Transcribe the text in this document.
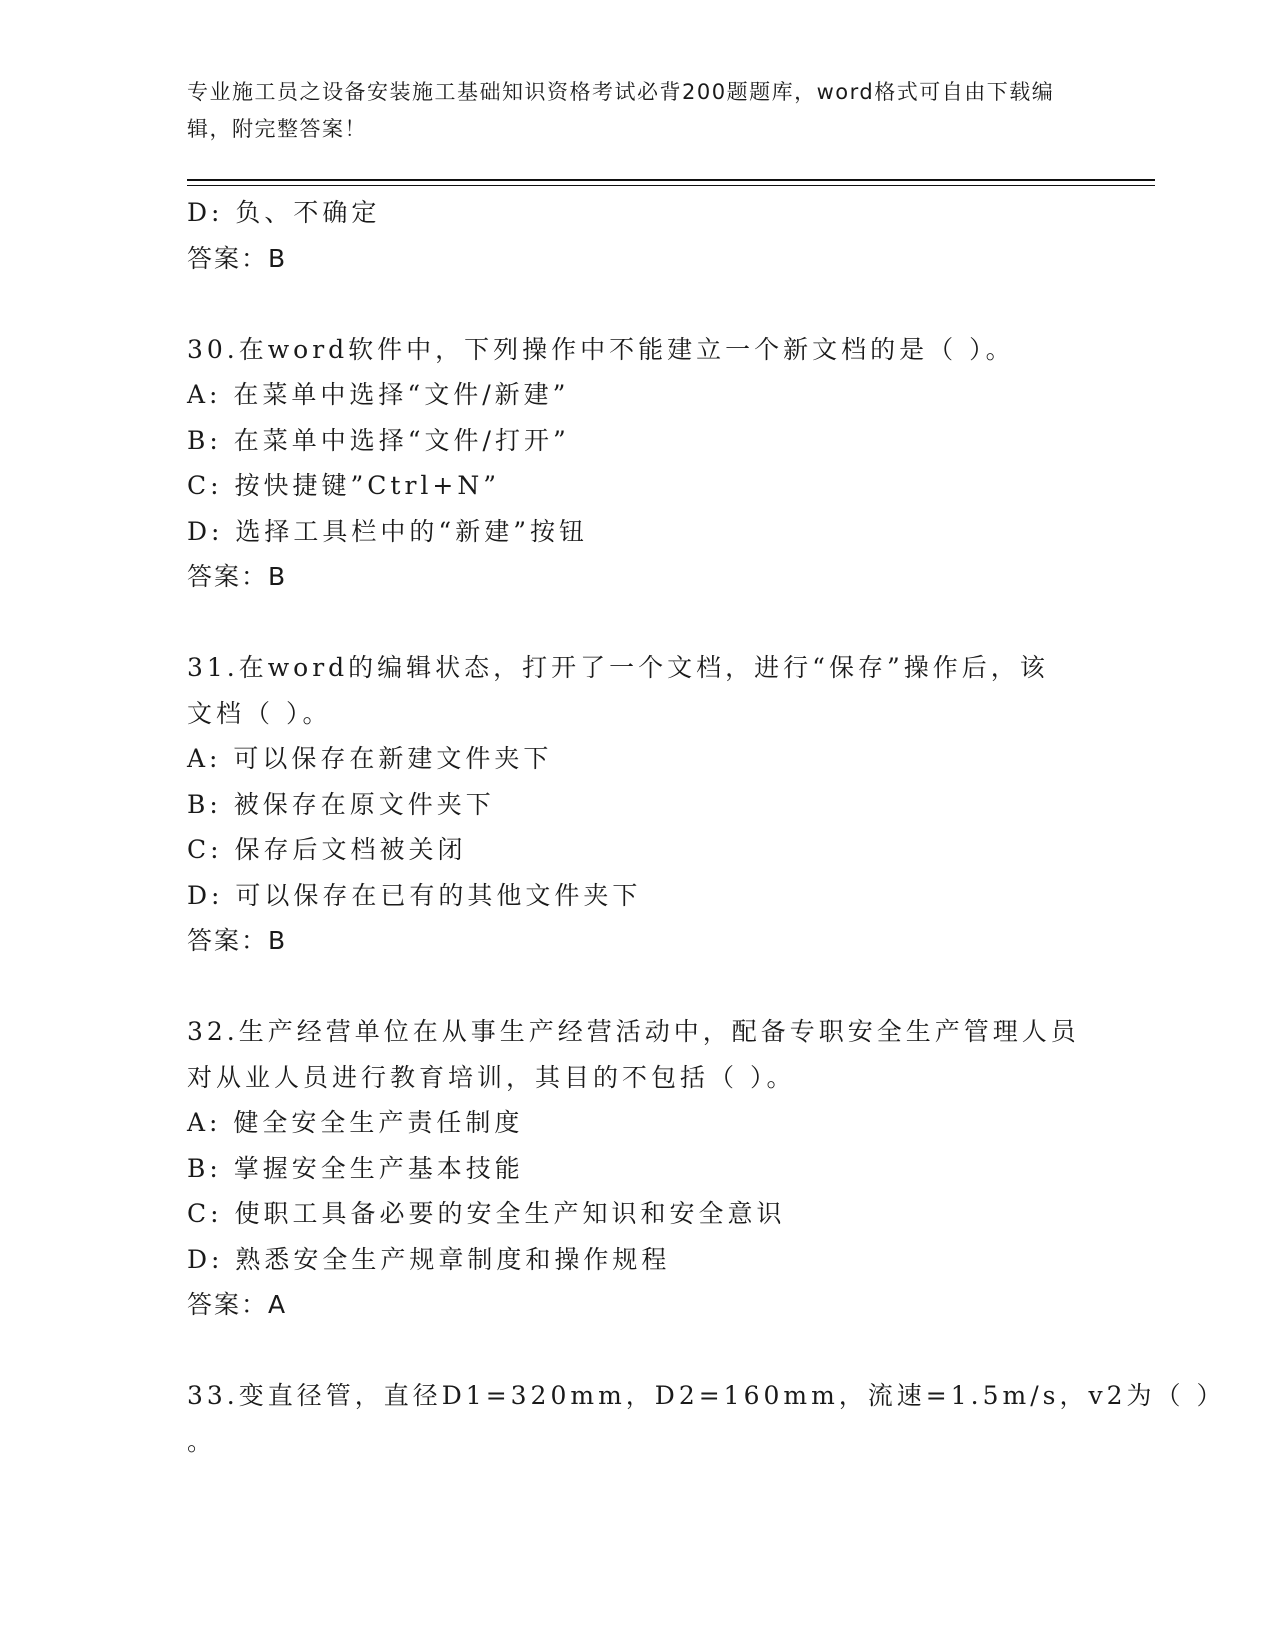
专业施工员之设备安装施工基础知识资格考试必背200题题库，word格式可自由下载编辑，附完整答案！
D: 负、不确定
答案：B
30.在word软件中，下列操作中不能建立一个新文档的是（ ）。
A: 在菜单中选择“文件/新建”
B: 在菜单中选择“文件/打开”
C: 按快捷键”Ctrl+N”
D: 选择工具栏中的“新建”按钮
答案：B
31.在word的编辑状态，打开了一个文档，进行“保存”操作后，该
文档（ ）。
A: 可以保存在新建文件夹下
B: 被保存在原文件夹下
C: 保存后文档被关闭
D: 可以保存在已有的其他文件夹下
答案：B
32.生产经营单位在从事生产经营活动中，配备专职安全生产管理人员
对从业人员进行教育培训，其目的不包括（ ）。
A: 健全安全生产责任制度
B: 掌握安全生产基本技能
C: 使职工具备必要的安全生产知识和安全意识
D: 熟悉安全生产规章制度和操作规程
答案：A
33.变直径管，直径D1=320mm，D2=160mm，流速=1.5m/s，v2为（ ）
。
